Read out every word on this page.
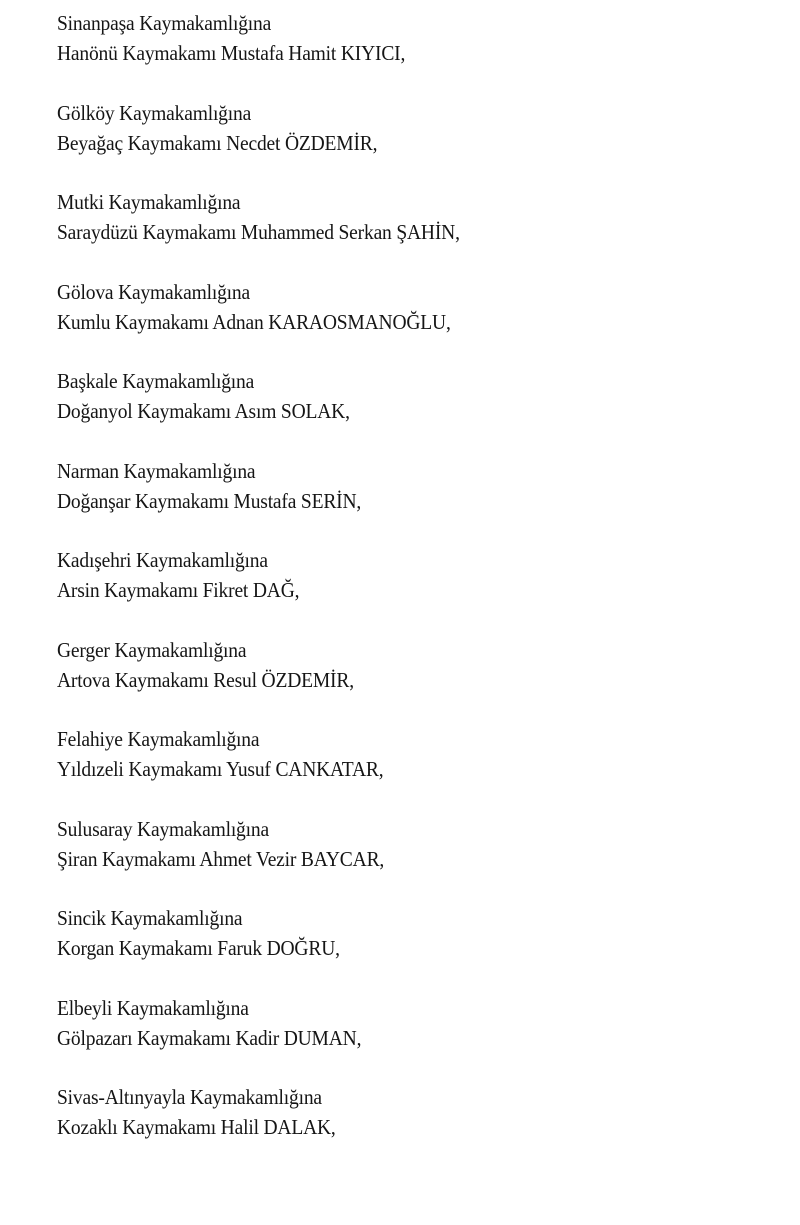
Sinanpaşa Kaymakamlığına
Hanönü Kaymakamı Mustafa Hamit KIYICI,
Gölköy Kaymakamlığına
Beyağaç Kaymakamı Necdet ÖZDEMİR,
Mutki Kaymakamlığına
Saraydüzü Kaymakamı Muhammed Serkan ŞAHİN,
Gölova Kaymakamlığına
Kumlu Kaymakamı Adnan KARAOSMANOĞLU,
Başkale Kaymakamlığına
Doğanyol Kaymakamı Asım SOLAK,
Narman Kaymakamlığına
Doğanşar Kaymakamı Mustafa SERİN,
Kadışehri Kaymakamlığına
Arsin Kaymakamı Fikret DAĞ,
Gerger Kaymakamlığına
Artova Kaymakamı Resul ÖZDEMİR,
Felahiye Kaymakamlığına
Yıldızeli Kaymakamı Yusuf CANKATAR,
Sulusaray Kaymakamlığına
Şiran Kaymakamı Ahmet Vezir BAYCAR,
Sincik Kaymakamlığına
Korgan Kaymakamı Faruk DOĞRU,
Elbeyli Kaymakamlığına
Gölpazarı Kaymakamı Kadir DUMAN,
Sivas-Altınyayla Kaymakamlığına
Kozaklı Kaymakamı Halil DALAK,
